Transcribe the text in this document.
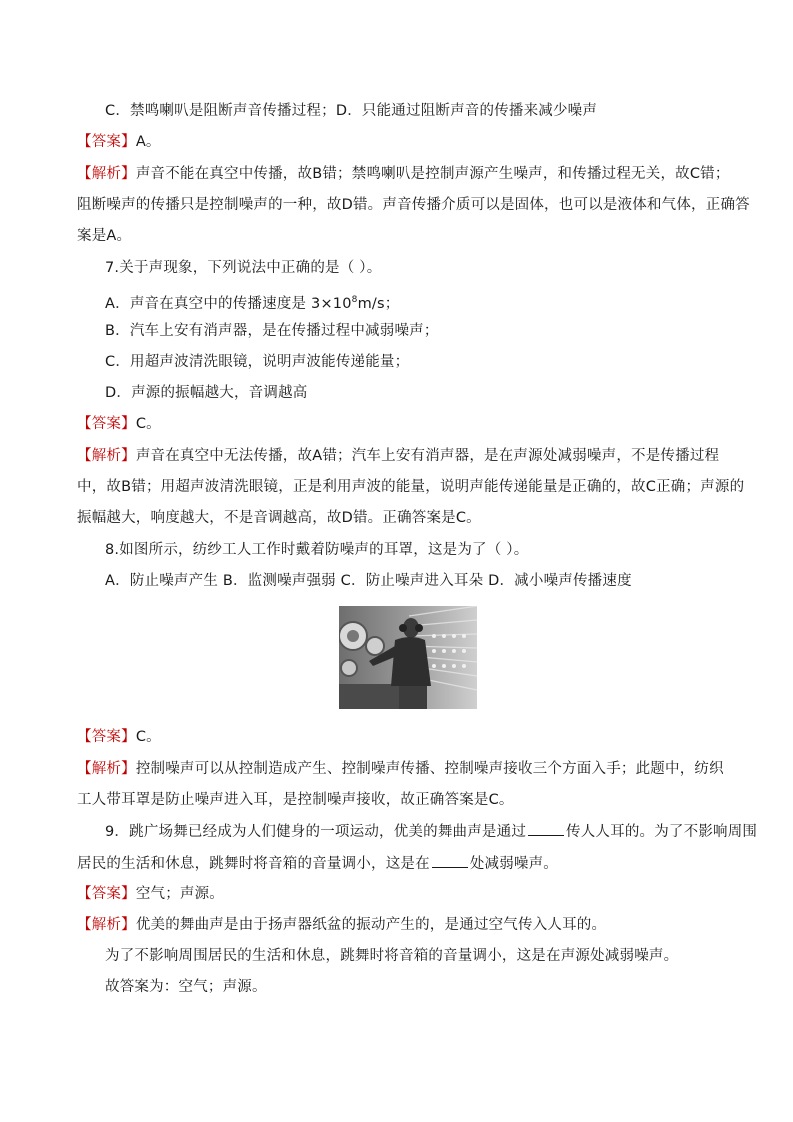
C．禁鸣喇叭是阻断声音传播过程；D．只能通过阻断声音的传播来减少噪声
【答案】A。
【解析】声音不能在真空中传播，故B错；禁鸣喇叭是控制声源产生噪声，和传播过程无关，故C错；
阻断噪声的传播只是控制噪声的一种，故D错。声音传播介质可以是固体，也可以是液体和气体，正确答
案是A。
7.关于声现象，下列说法中正确的是（ ）。
A．声音在真空中的传播速度是 $3\times 10^8m/s$；
B．汽车上安有消声器，是在传播过程中减弱噪声；
C．用超声波清洗眼镜，说明声波能传递能量；
D．声源的振幅越大，音调越高
【答案】C。
【解析】声音在真空中无法传播，故A错；汽车上安有消声器，是在声源处减弱噪声，不是传播过程
中，故B错；用超声波清洗眼镜，正是利用声波的能量，说明声能传递能量是正确的，故C正确；声源的
振幅越大，响度越大，不是音调越高，故D错。正确答案是C。
8.如图所示，纺纱工人工作时戴着防噪声的耳罩，这是为了（ ）。
A．防止噪声产生 B．监测噪声强弱 C．防止噪声进入耳朵 D．减小噪声传播速度
【答案】C。
【解析】控制噪声可以从控制造成产生、控制噪声传播、控制噪声接收三个方面入手；此题中，纺织
工人带耳罩是防止噪声进入耳，是控制噪声接收，故正确答案是C。
9．跳广场舞已经成为人们健身的一项运动，优美的舞曲声是通过	传人人耳的。为了不影响周围
居民的生活和休息，跳舞时将音箱的音量调小，这是在	处减弱噪声。
【答案】空气；声源。
【解析】优美的舞曲声是由于扬声器纸盆的振动产生的，是通过空气传入人耳的。
为了不影响周围居民的生活和休息，跳舞时将音箱的音量调小，这是在声源处减弱噪声。
故答案为：空气；声源。
